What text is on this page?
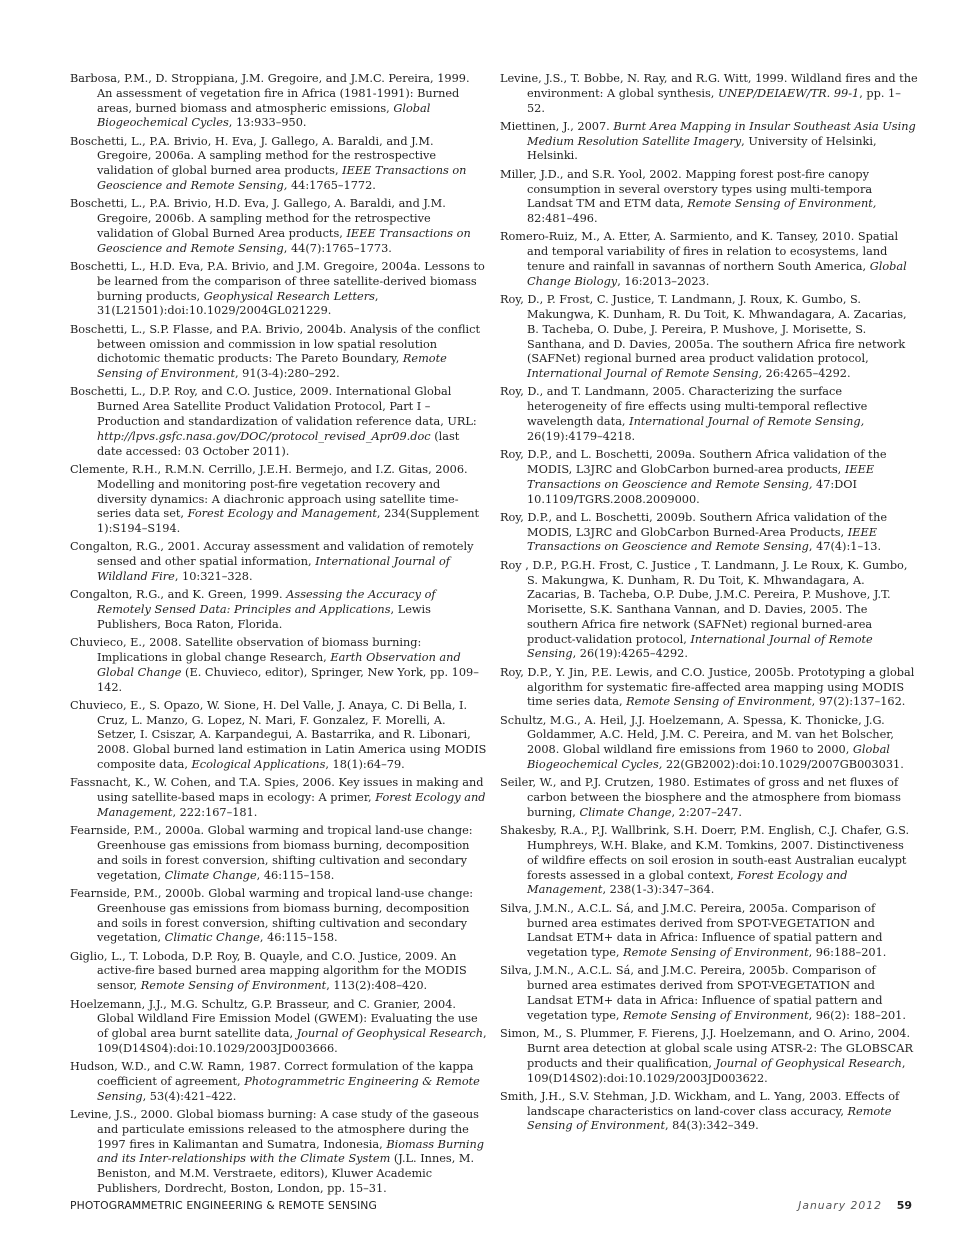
Barbosa, P.M., D. Stroppiana, J.M. Gregoire, and J.M.C. Pereira, 1999. An assessment of vegetation fire in Africa (1981-1991): Burned areas, burned biomass and atmospheric emissions, Global Biogeochemical Cycles, 13:933–950.

Boschetti, L., P.A. Brivio, H. Eva, J. Gallego, A. Baraldi, and J.M. Gregoire, 2006a. A sampling method for the restrospective validation of global burned area products, IEEE Transactions on Geoscience and Remote Sensing, 44:1765–1772.

Boschetti, L., P.A. Brivio, H.D. Eva, J. Gallego, A. Baraldi, and J.M. Gregoire, 2006b. A sampling method for the retrospective validation of Global Burned Area products, IEEE Transactions on Geoscience and Remote Sensing, 44(7):1765–1773.

Boschetti, L., H.D. Eva, P.A. Brivio, and J.M. Gregoire, 2004a. Lessons to be learned from the comparison of three satellite-derived biomass burning products, Geophysical Research Letters, 31(L21501):doi:10.1029/2004GL021229.

Boschetti, L., S.P. Flasse, and P.A. Brivio, 2004b. Analysis of the conflict between omission and commission in low spatial resolution dichotomic thematic products: The Pareto Boundary, Remote Sensing of Environment, 91(3-4):280–292.

Boschetti, L., D.P. Roy, and C.O. Justice, 2009. International Global Burned Area Satellite Product Validation Protocol, Part I – Production and standardization of validation reference data, URL: http://lpvs.gsfc.nasa.gov/DOC/protocol_revised_Apr09.doc (last date accessed: 03 October 2011).

Clemente, R.H., R.M.N. Cerrillo, J.E.H. Bermejo, and I.Z. Gitas, 2006. Modelling and monitoring post-fire vegetation recovery and diversity dynamics: A diachronic approach using satellite time-series data set, Forest Ecology and Management, 234(Supplement 1):S194–S194.

Congalton, R.G., 2001. Accuray assessment and validation of remotely sensed and other spatial information, International Journal of Wildland Fire, 10:321–328.

Congalton, R.G., and K. Green, 1999. Assessing the Accuracy of Remotely Sensed Data: Principles and Applications, Lewis Publishers, Boca Raton, Florida.

Chuvieco, E., 2008. Satellite observation of biomass burning: Implications in global change Research, Earth Observation and Global Change (E. Chuvieco, editor), Springer, New York, pp. 109–142.

Chuvieco, E., S. Opazo, W. Sione, H. Del Valle, J. Anaya, C. Di Bella, I. Cruz, L. Manzo, G. Lopez, N. Mari, F. Gonzalez, F. Morelli, A. Setzer, I. Csiszar, A. Karpandegui, A. Bastarrika, and R. Libonari, 2008. Global burned land estimation in Latin America using MODIS composite data, Ecological Applications, 18(1):64–79.

Fassnacht, K., W. Cohen, and T.A. Spies, 2006. Key issues in making and using satellite-based maps in ecology: A primer, Forest Ecology and Management, 222:167–181.

Fearnside, P.M., 2000a. Global warming and tropical land-use change: Greenhouse gas emissions from biomass burning, decomposition and soils in forest conversion, shifting cultivation and secondary vegetation, Climate Change, 46:115–158.

Fearnside, P.M., 2000b. Global warming and tropical land-use change: Greenhouse gas emissions from biomass burning, decomposition and soils in forest conversion, shifting cultivation and secondary vegetation, Climatic Change, 46:115–158.

Giglio, L., T. Loboda, D.P. Roy, B. Quayle, and C.O. Justice, 2009. An active-fire based burned area mapping algorithm for the MODIS sensor, Remote Sensing of Environment, 113(2):408–420.

Hoelzemann, J.J., M.G. Schultz, G.P. Brasseur, and C. Granier, 2004. Global Wildland Fire Emission Model (GWEM): Evaluating the use of global area burnt satellite data, Journal of Geophysical Research, 109(D14S04):doi:10.1029/2003JD003666.

Hudson, W.D., and C.W. Ramn, 1987. Correct formulation of the kappa coefficient of agreement, Photogrammetric Engineering & Remote Sensing, 53(4):421–422.

Levine, J.S., 2000. Global biomass burning: A case study of the gaseous and particulate emissions released to the atmosphere during the 1997 fires in Kalimantan and Sumatra, Indonesia, Biomass Burning and its Inter-relationships with the Climate System (J.L. Innes, M. Beniston, and M.M. Verstraete, editors), Kluwer Academic Publishers, Dordrecht, Boston, London, pp. 15–31.

Levine, J.S., T. Bobbe, N. Ray, and R.G. Witt, 1999. Wildland fires and the environment: A global synthesis, UNEP/DEIAEW/TR. 99-1, pp. 1–52.

Miettinen, J., 2007. Burnt Area Mapping in Insular Southeast Asia Using Medium Resolution Satellite Imagery, University of Helsinki, Helsinki.

Miller, J.D., and S.R. Yool, 2002. Mapping forest post-fire canopy consumption in several overstory types using multi-tempora Landsat TM and ETM data, Remote Sensing of Environment, 82:481–496.

Romero-Ruiz, M., A. Etter, A. Sarmiento, and K. Tansey, 2010. Spatial and temporal variability of fires in relation to ecosystems, land tenure and rainfall in savannas of northern South America, Global Change Biology, 16:2013–2023.

Roy, D., P. Frost, C. Justice, T. Landmann, J. Roux, K. Gumbo, S. Makungwa, K. Dunham, R. Du Toit, K. Mhwandagara, A. Zacarias, B. Tacheba, O. Dube, J. Pereira, P. Mushove, J. Morisette, S. Santhana, and D. Davies, 2005a. The southern Africa fire network (SAFNet) regional burned area product validation protocol, International Journal of Remote Sensing, 26:4265–4292.

Roy, D., and T. Landmann, 2005. Characterizing the surface heterogeneity of fire effects using multi-temporal reflective wavelength data, International Journal of Remote Sensing, 26(19):4179–4218.

Roy, D.P., and L. Boschetti, 2009a. Southern Africa validation of the MODIS, L3JRC and GlobCarbon burned-area products, IEEE Transactions on Geoscience and Remote Sensing, 47:DOI 10.1109/TGRS.2008.2009000.

Roy, D.P., and L. Boschetti, 2009b. Southern Africa validation of the MODIS, L3JRC and GlobCarbon Burned-Area Products, IEEE Transactions on Geoscience and Remote Sensing, 47(4):1–13.

Roy , D.P., P.G.H. Frost, C. Justice , T. Landmann, J. Le Roux, K. Gumbo, S. Makungwa, K. Dunham, R. Du Toit, K. Mhwandagara, A. Zacarias, B. Tacheba, O.P. Dube, J.M.C. Pereira, P. Mushove, J.T. Morisette, S.K. Santhana Vannan, and D. Davies, 2005. The southern Africa fire network (SAFNet) regional burned-area product-validation protocol, International Journal of Remote Sensing, 26(19):4265–4292.

Roy, D.P., Y. Jin, P.E. Lewis, and C.O. Justice, 2005b. Prototyping a global algorithm for systematic fire-affected area mapping using MODIS time series data, Remote Sensing of Environment, 97(2):137–162.

Schultz, M.G., A. Heil, J.J. Hoelzemann, A. Spessa, K. Thonicke, J.G. Goldammer, A.C. Held, J.M. C. Pereira, and M. van het Bolscher, 2008. Global wildland fire emissions from 1960 to 2000, Global Biogeochemical Cycles, 22(GB2002):doi:10.1029/2007GB003031.

Seiler, W., and P.J. Crutzen, 1980. Estimates of gross and net fluxes of carbon between the biosphere and the atmosphere from biomass burning, Climate Change, 2:207–247.

Shakesby, R.A., P.J. Wallbrink, S.H. Doerr, P.M. English, C.J. Chafer, G.S. Humphreys, W.H. Blake, and K.M. Tomkins, 2007. Distinctiveness of wildfire effects on soil erosion in south-east Australian eucalypt forests assessed in a global context, Forest Ecology and Management, 238(1-3):347–364.

Silva, J.M.N., A.C.L. Sá, and J.M.C. Pereira, 2005a. Comparison of burned area estimates derived from SPOT-VEGETATION and Landsat ETM+ data in Africa: Influence of spatial pattern and vegetation type, Remote Sensing of Environment, 96:188–201.

Silva, J.M.N., A.C.L. Sá, and J.M.C. Pereira, 2005b. Comparison of burned area estimates derived from SPOT-VEGETATION and Landsat ETM+ data in Africa: Influence of spatial pattern and vegetation type, Remote Sensing of Environment, 96(2): 188–201.

Simon, M., S. Plummer, F. Fierens, J.J. Hoelzemann, and O. Arino, 2004. Burnt area detection at global scale using ATSR-2: The GLOBSCAR products and their qualification, Journal of Geophysical Research, 109(D14S02):doi:10.1029/2003JD003622.

Smith, J.H., S.V. Stehman, J.D. Wickham, and L. Yang, 2003. Effects of landscape characteristics on land-cover class accuracy, Remote Sensing of Environment, 84(3):342–349.

PHOTOGRAMMETRIC ENGINEERING & REMOTE SENSING	January 2012 59
